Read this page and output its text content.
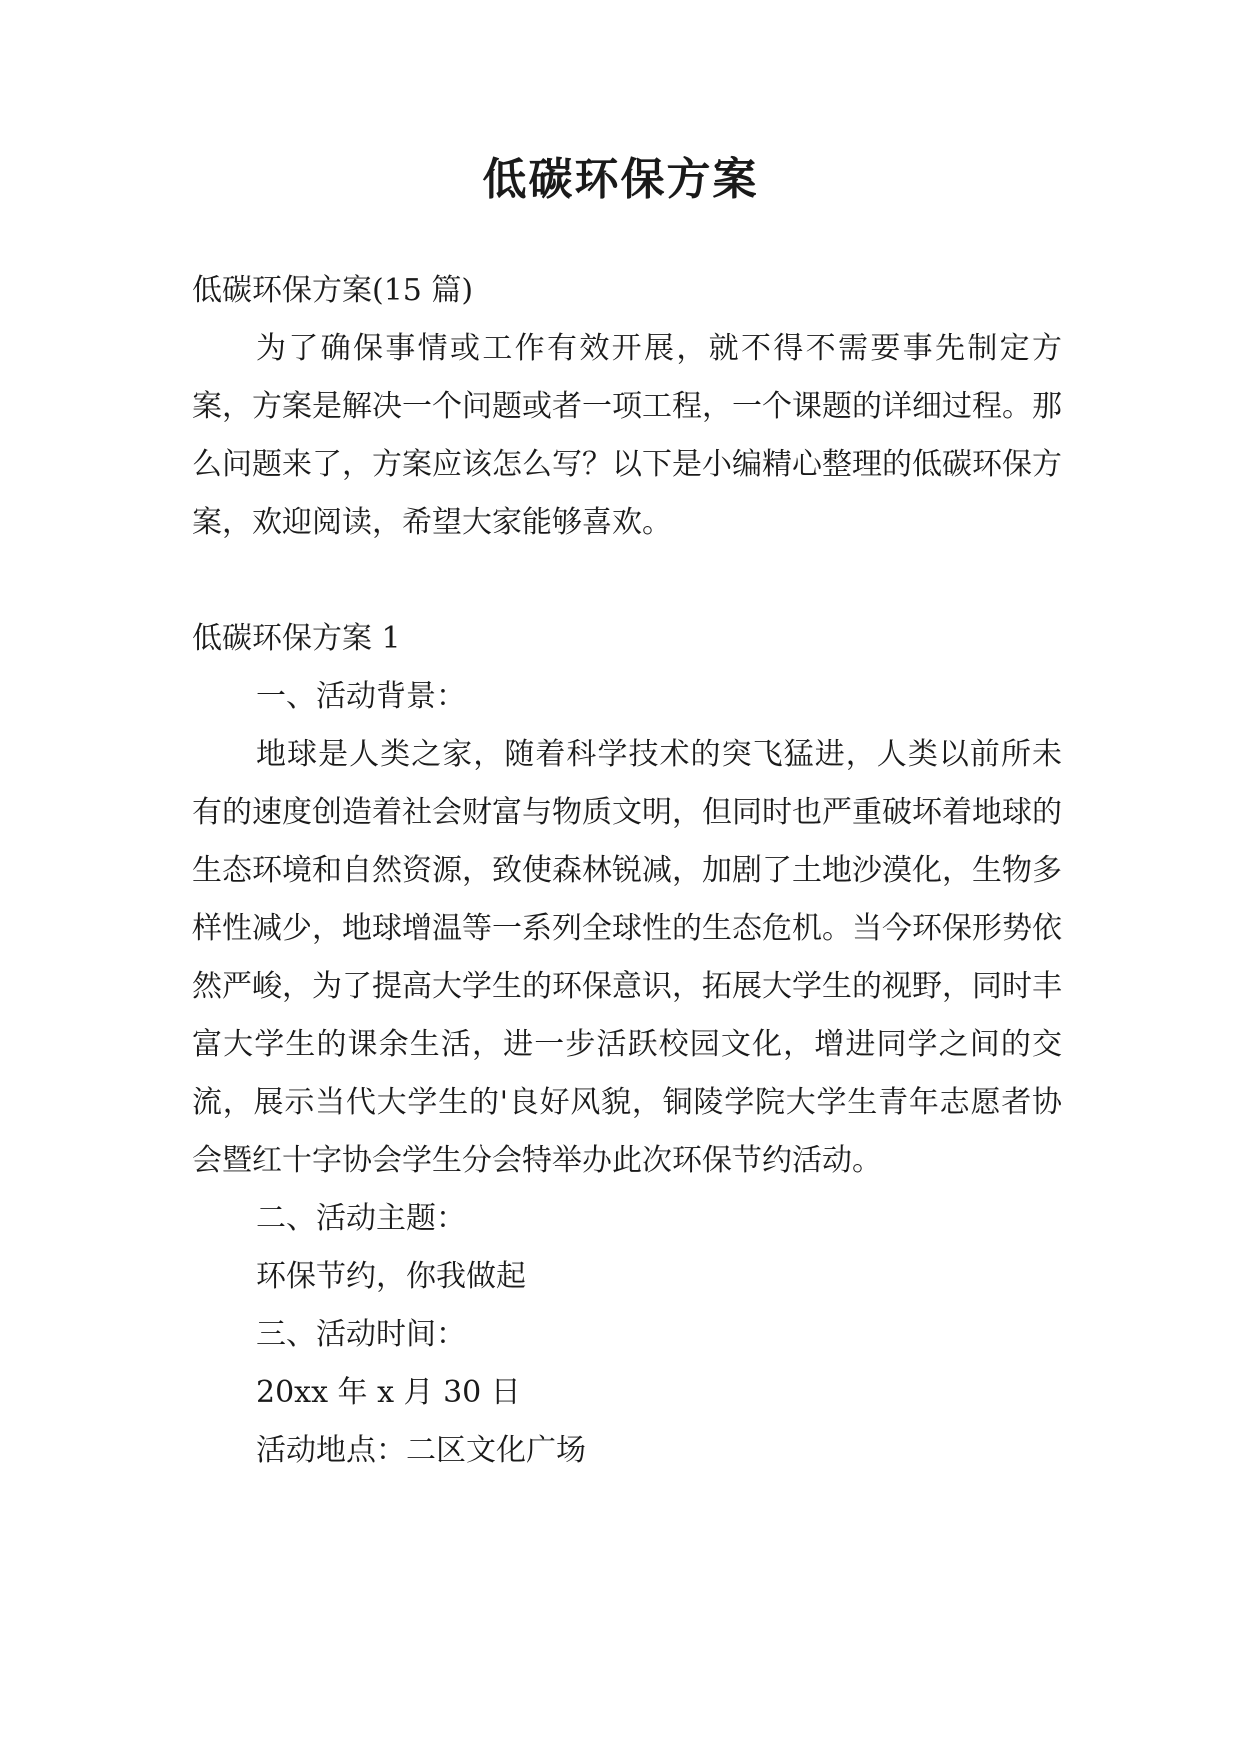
低碳环保方案

低碳环保方案(15 篇)

为了确保事情或工作有效开展，就不得不需要事先制定方案，方案是解决一个问题或者一项工程，一个课题的详细过程。那么问题来了，方案应该怎么写？以下是小编精心整理的低碳环保方案，欢迎阅读，希望大家能够喜欢。

低碳环保方案 1

一、活动背景：

地球是人类之家，随着科学技术的突飞猛进，人类以前所未有的速度创造着社会财富与物质文明，但同时也严重破坏着地球的生态环境和自然资源，致使森林锐减，加剧了土地沙漠化，生物多样性减少，地球增温等一系列全球性的生态危机。当今环保形势依然严峻，为了提高大学生的环保意识，拓展大学生的视野，同时丰富大学生的课余生活，进一步活跃校园文化，增进同学之间的交流，展示当代大学生的'良好风貌，铜陵学院大学生青年志愿者协会暨红十字协会学生分会特举办此次环保节约活动。

二、活动主题：

环保节约，你我做起

三、活动时间：

20xx 年 x 月 30 日

活动地点：二区文化广场
